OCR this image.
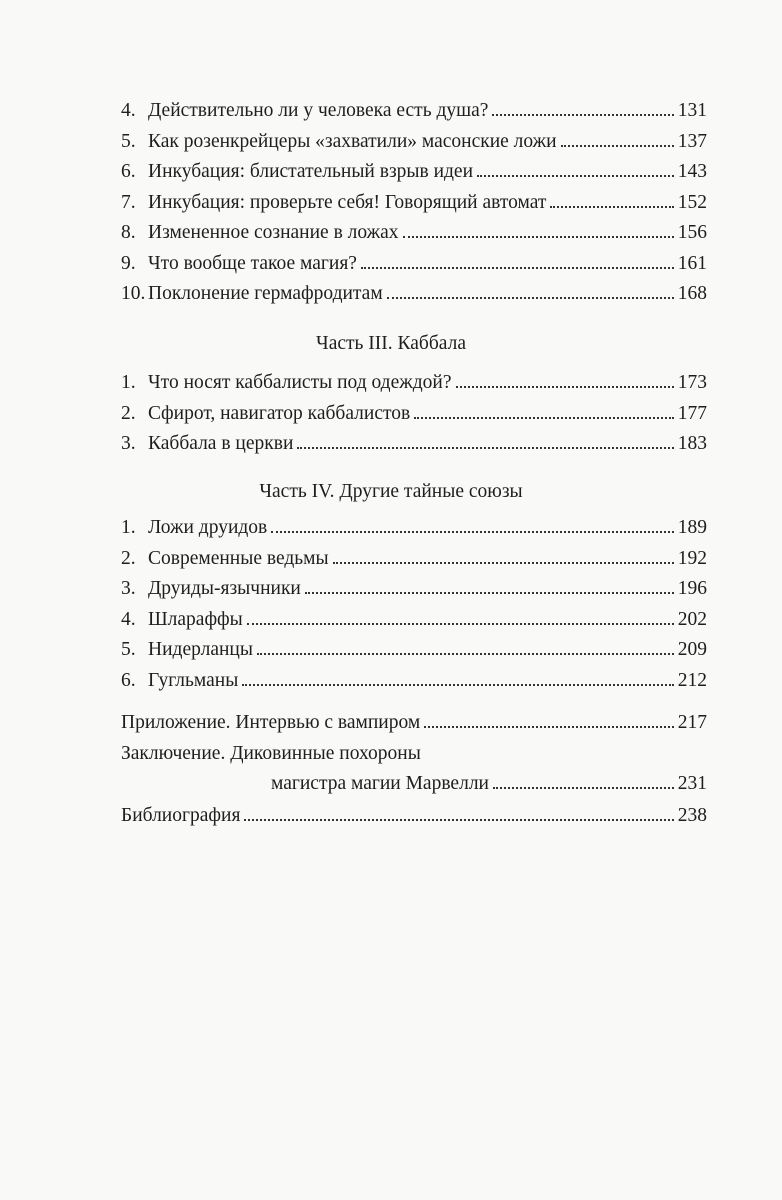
4. Действительно ли у человека есть душа?	131
5. Как розенкрейцеры «захватили» масонские ложи	137
6. Инкубация: блистательный взрыв идеи	143
7. Инкубация: проверьте себя! Говорящий автомат	152
8. Измененное сознание в ложах	156
9. Что вообще такое магия?	161
10. Поклонение гермафродитам	168
Часть III. Каббала
1. Что носят каббалисты под одеждой?	173
2. Сфирот, навигатор каббалистов	177
3. Каббала в церкви	183
Часть IV. Другие тайные союзы
1. Ложи друидов	189
2. Современные ведьмы	192
3. Друиды-язычники	196
4. Шлараффы	202
5. Нидерланцы	209
6. Гугльманы	212
Приложение. Интервью с вампиром	217
Заключение. Диковинные похороны
магистра магии Марвелли	231
Библиография	238
